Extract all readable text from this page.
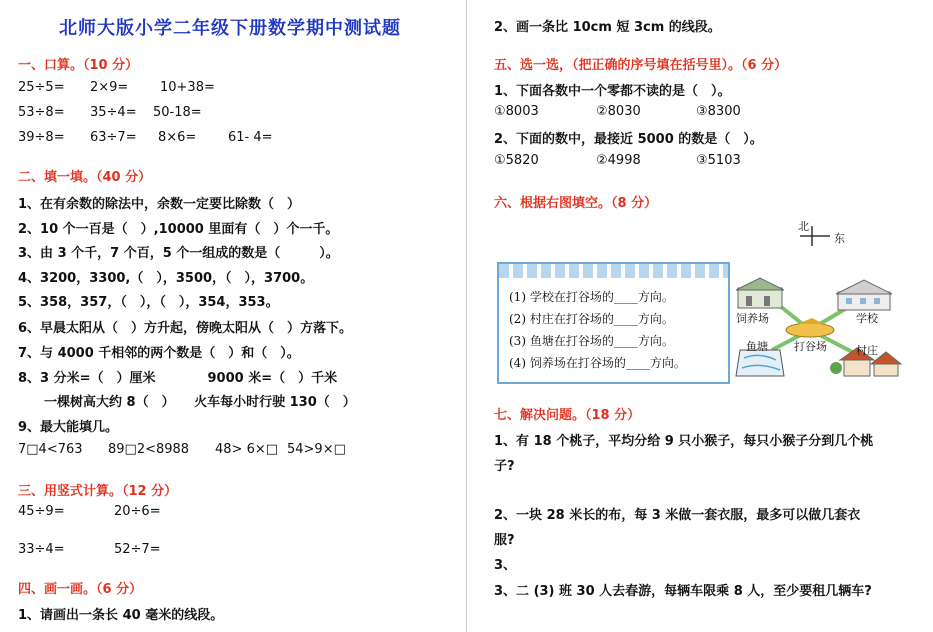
北师大版小学二年级下册数学期中测试题
一、口算。（10 分）
25÷5= 2×9= 10+38=
53÷8= 35÷4= 50-18=
39÷8= 63÷7= 8×6= 61- 4=
二、填一填。（40 分）
1、在有余数的除法中，余数一定要比除数（　）
2、10 个一百是（　）,10000 里面有（　）个一千。
3、由 3 个千，7 个百，5 个一组成的数是（　　　）。
4、3200，3300,（　），3500，（　），3700。
5、358，357，（　），（　），354，353。
6、早晨太阳从（　）方升起，傍晚太阳从（　）方落下。
7、与 4000 千相邻的两个数是（　）和（　）。
8、3 分米=（　）厘米　　　　9000 米=（　）千米
　　一棵树高大约 8（　）　　火车每小时行驶 130（　）
9、最大能填几。
7□4<763 89□2<8988 48> 6×□ 54>9×□
三、用竖式计算。（12 分）
45÷9=	20÷6=
33÷4=	52÷7=
四、画一画。（6 分）
1、请画出一条长 40 毫米的线段。
2、画一条比 10cm 短 3cm 的线段。
五、选一选，（把正确的序号填在括号里）。（6 分）
1、下面各数中一个零都不读的是（　）。
①8003	②8030	③8300
2、下面的数中，最接近 5000 的数是（　）。
①5820	②4998	③5103
六、根据右图填空。（8 分）
(1) 学校在打谷场的____方向。
(2) 村庄在打谷场的____方向。
(3) 鱼塘在打谷场的____方向。
(4) 饲养场在打谷场的____方向。
北
东
饲养场	学校
打谷场
鱼塘	村庄
七、解决问题。（18 分）
1、有 18 个桃子，平均分给 9 只小猴子，每只小猴子分到几个桃
子?
2、一块 28 米长的布，每 3 米做一套衣服，最多可以做几套衣
服?
3、
3、二 (3) 班 30 人去春游，每辆车限乘 8 人，至少要租几辆车?
